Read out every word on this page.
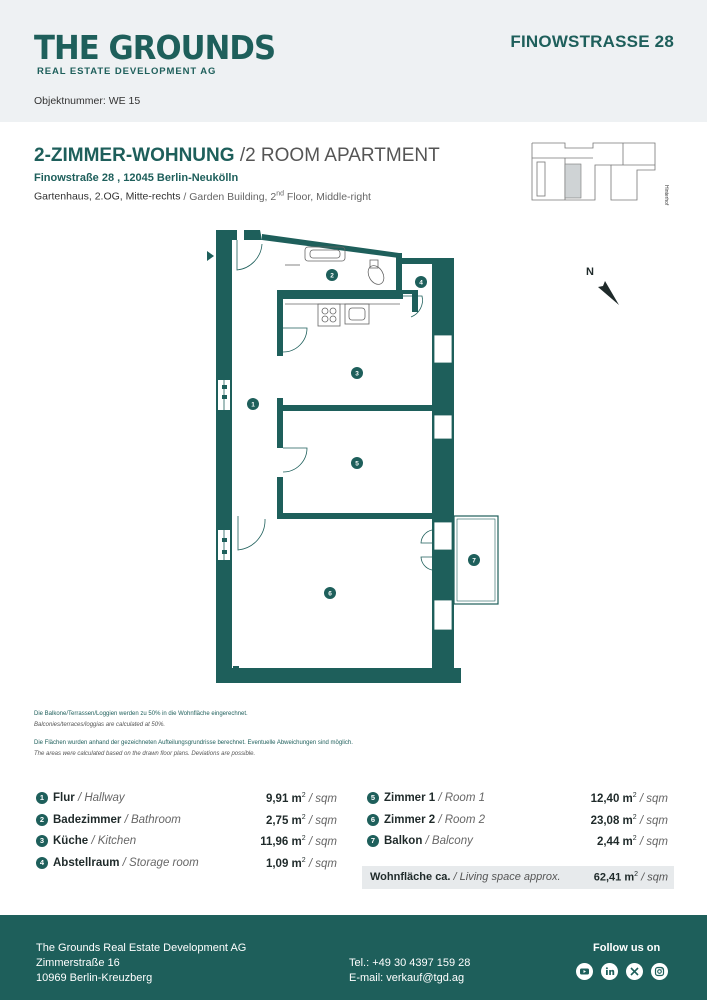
THE GROUNDS
REAL ESTATE DEVELOPMENT AG
FINOWSTRASSE 28
Objektnummer: WE 15
2-ZIMMER-WOHNUNG /2 ROOM APARTMENT
Finowstraße 28 , 12045 Berlin-Neukölln
Gartenhaus, 2.OG, Mitte-rechts / Garden Building, 2nd Floor, Middle-right	Hinterhof
N
1
2
3
4
5
6
7
Die Balkone/Terrassen/Loggien werden zu 50% in die Wohnfläche eingerechnet.
Balconies/terraces/loggias are calculated at 50%.
Die Flächen wurden anhand der gezeichneten Aufteilungsgrundrisse berechnet. Eventuelle Abweichungen sind möglich.
The areas were calculated based on the drawn floor plans. Deviations are possible.
1 Flur / Hallway	9,91 $m^2$ / sqm
2 Badezimmer / Bathroom	2,75 $m^2$ / sqm
3 Küche / Kitchen	11,96 $m^2$ / sqm
4 Abstellraum / Storage room	1,09 $m^2$ / sqm
5 Zimmer 1 / Room 1	12,40 $m^2$ / sqm
6 Zimmer 2 / Room 2	23,08 $m^2$ / sqm
7 Balkon / Balcony	2,44 $m^2$ / sqm
Wohnfläche ca. / Living space approx.	62,41 $m^2$ / sqm
The Grounds Real Estate Development AG
Zimmerstraße 16
10969 Berlin-Kreuzberg
Tel.: +49 30 4397 159 28
E-mail: verkauf@tgd.ag
Follow us on
